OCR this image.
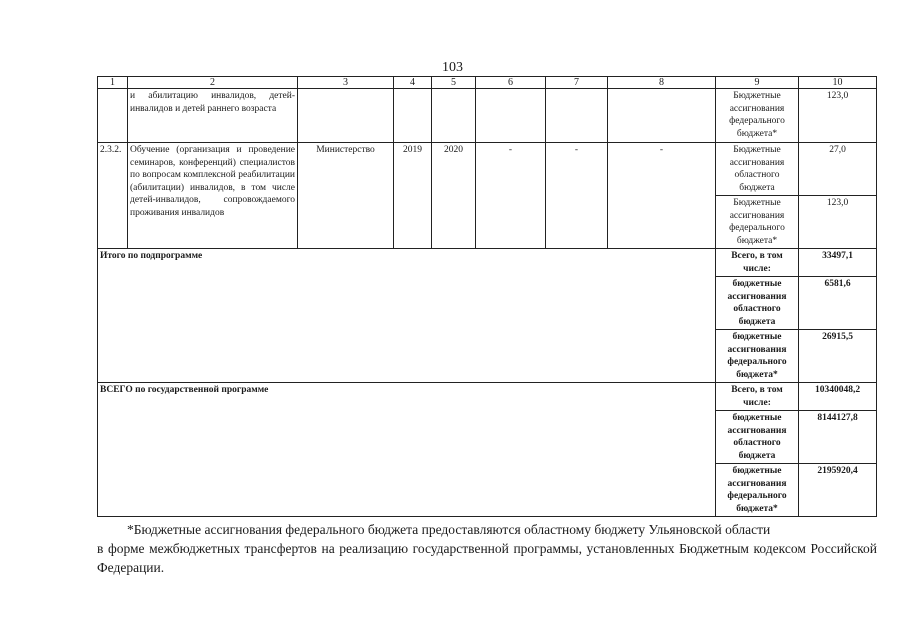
103
1	2	3	4	5	6	7	8	9	10
	и абилитацию инвалидов, детей-инвалидов и детей раннего возраста							Бюджетные ассигнования федерального бюджета*	123,0
2.3.2.	Обучение (организация и проведение семинаров, конференций) специалистов по вопросам комплексной реабилитации (абилитации) инвалидов, в том числе детей-инвалидов, сопровождаемого проживания инвалидов	Министерство	2019	2020	-	-	-	Бюджетные ассигнования областного бюджета	27,0
								Бюджетные ассигнования федерального бюджета*	123,0
Итого по подпрограмме								Всего, в том числе:	33497,1
								бюджетные ассигнования областного бюджета	6581,6
								бюджетные ассигнования федерального бюджета*	26915,5
ВСЕГО по государственной программе								Всего, в том числе:	10340048,2
								бюджетные ассигнования областного бюджета	8144127,8
								бюджетные ассигнования федерального бюджета*	2195920,4

*Бюджетные ассигнования федерального бюджета предоставляются областному бюджету Ульяновской области

в форме межбюджетных трансфертов на реализацию государственной программы, установленных Бюджетным кодексом Российской Федерации.
